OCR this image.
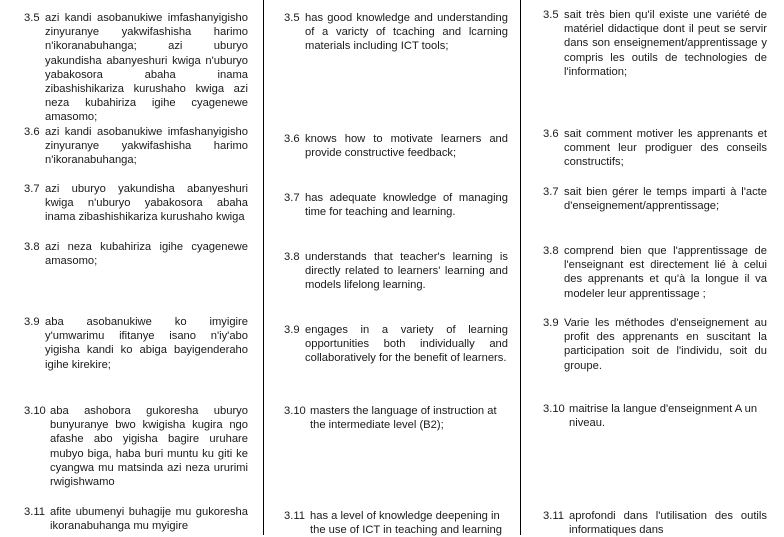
3.5 azi kandi asobanukiwe imfashanyigisho zinyuranye yakwifashisha harimo n'ikoranabuhanga; azi uburyo yakundisha abanyeshuri kwiga n'uburyo yabakosora abaha inama zibashishikariza kurushaho kwiga azi neza kubahiriza igihe cyagenewe amasomo;
3.6 azi kandi asobanukiwe imfashanyigisho zinyuranye yakwifashisha harimo n'ikoranabuhanga;
3.7 azi uburyo yakundisha abanyeshuri kwiga n'uburyo yabakosora abaha inama zibashishikariza kurushaho kwiga
3.8 azi neza kubahiriza igihe cyagenewe amasomo;
3.9 aba asobanukiwe ko imyigire y'umwarimu ifitanye isano n'iy'abo yigisha kandi ko abiga bayigenderaho igihe kirekire;
3.10 aba ashobora gukoresha uburyo bunyuranye bwo kwigisha kugira ngo afashe abo yigisha bagire uruhare mubyo biga, haba buri muntu ku giti ke cyangwa mu matsinda azi neza ururimi rwigishwamo
3.11 afite ubumenyi buhagije mu gukoresha ikoranabuhanga mu myigire
3.5 has good knowledge and understanding of a varicty of tcaching and lcarning materials including ICT tools;
3.6 knows how to motivate learners and provide constructive feedback;
3.7 has adequate knowledge of managing time for teaching and learning.
3.8 understands that teacher's learning is directly related to learners' learning and models lifelong learning.
3.9 engages in a variety of learning opportunities both individually and collaboratively for the benefit of learners.
3.10 masters the language of instruction at the intermediate level (B2);
3.11 has a level of knowledge deepening in the use of ICT in teaching and learning
3.5 sait très bien qu'il existe une variété de matériel didactique dont il peut se servir dans son enseignement/apprentissage y compris les outils de technologies de l'information;
3.6 sait comment motiver les apprenants et comment leur prodiguer des conseils constructifs;
3.7 sait bien gérer le temps imparti à l'acte d'enseignement/apprentissage;
3.8 comprend bien que l'apprentissage de l'enseignant est directement lié à celui des apprenants et qu'à la longue il va modeler leur apprentissage ;
3.9 Varie les méthodes d'enseignement au profit des apprenants en suscitant la participation soit de l'individu, soit du groupe.
3.10 maitrise la langue d'enseignment A un niveau.
3.11 aprofondi dans l'utilisation des outils informatiques dans
